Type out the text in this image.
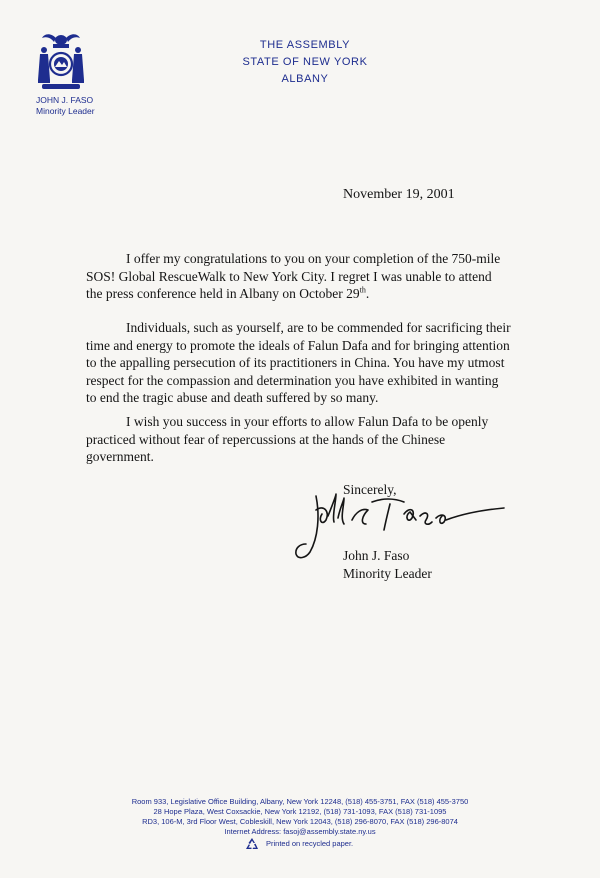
JOHN J. FASO
Minority Leader
THE ASSEMBLY
STATE OF NEW YORK
ALBANY
November 19, 2001
I offer my congratulations to you on your completion of the 750-mile
SOS! Global RescueWalk to New York City. I regret I was unable to attend
the press conference held in Albany on October 29th.
Individuals, such as yourself, are to be commended for sacrificing their
time and energy to promote the ideals of Falun Dafa and for bringing attention
to the appalling persecution of its practitioners in China. You have my utmost
respect for the compassion and determination you have exhibited in wanting
to end the tragic abuse and death suffered by so many.
I wish you success in your efforts to allow Falun Dafa to be openly
practiced without fear of repercussions at the hands of the Chinese
government.
Sincerely,
John J. Faso
Minority Leader
Room 933, Legislative Office Building, Albany, New York 12248, (518) 455-3751, FAX (518) 455-3750
28 Hope Plaza, West Coxsackie, New York 12192, (518) 731-1093, FAX (518) 731-1095
RD3, 106-M, 3rd Floor West, Cobleskill, New York 12043, (518) 296-8070, FAX (518) 296-8074
Internet Address: fasoj@assembly.state.ny.us
Printed on recycled paper.
